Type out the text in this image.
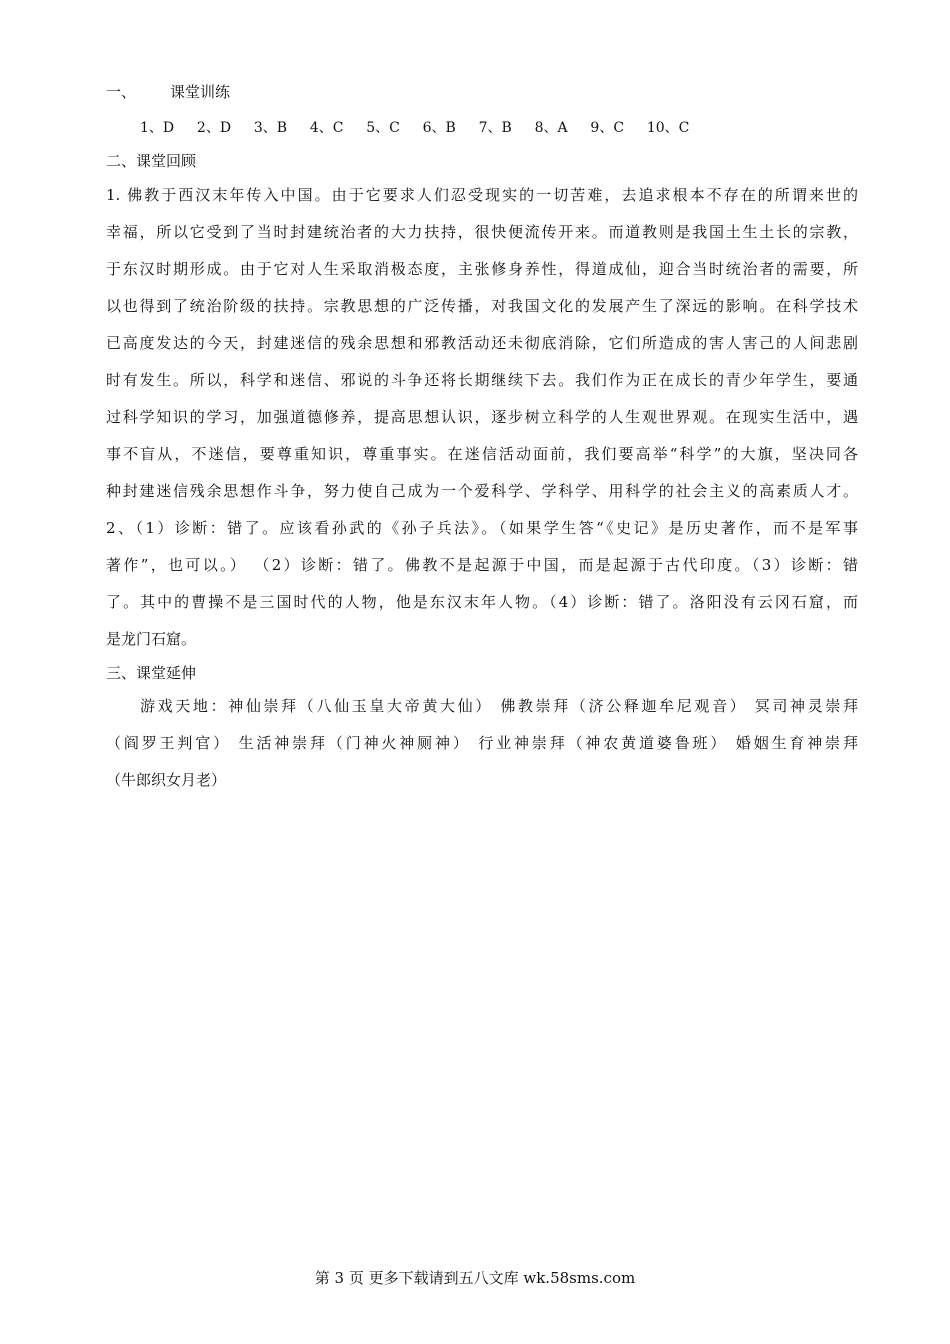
一、 课堂训练
1、D 2、D 3、B 4、C 5、C 6、B 7、B 8、A 9、C 10、C
二、课堂回顾
1. 佛教于西汉末年传入中国。由于它要求人们忍受现实的一切苦难，去追求根本不存在的所谓来世的
幸福，所以它受到了当时封建统治者的大力扶持，很快便流传开来。而道教则是我国土生土长的宗教，
于东汉时期形成。由于它对人生采取消极态度，主张修身养性，得道成仙，迎合当时统治者的需要，所
以也得到了统治阶级的扶持。宗教思想的广泛传播，对我国文化的发展产生了深远的影响。在科学技术
已高度发达的今天，封建迷信的残余思想和邪教活动还未彻底消除，它们所造成的害人害己的人间悲剧
时有发生。所以，科学和迷信、邪说的斗争还将长期继续下去。我们作为正在成长的青少年学生，要通
过科学知识的学习，加强道德修养，提高思想认识，逐步树立科学的人生观世界观。在现实生活中，遇
事不盲从，不迷信，要尊重知识，尊重事实。在迷信活动面前，我们要高举“科学”的大旗，坚决同各
种封建迷信残余思想作斗争，努力使自己成为一个爱科学、学科学、用科学的社会主义的高素质人才。
2、（1）诊断：错了。应该看孙武的《孙子兵法》。（如果学生答“《史记》是历史著作，而不是军事
著作”，也可以。） （2）诊断：错了。佛教不是起源于中国，而是起源于古代印度。（3）诊断：错
了。其中的曹操不是三国时代的人物，他是东汉末年人物。（4）诊断：错了。洛阳没有云冈石窟，而
是龙门石窟。
三、课堂延伸
游戏天地：神仙崇拜（八仙玉皇大帝黄大仙） 佛教崇拜（济公释迦牟尼观音） 冥司神灵崇拜
（阎罗王判官） 生活神崇拜（门神火神厕神） 行业神崇拜（神农黄道婆鲁班） 婚姻生育神崇拜
（牛郎织女月老）
第 3 页 更多下载请到五八文库 wk.58sms.com
